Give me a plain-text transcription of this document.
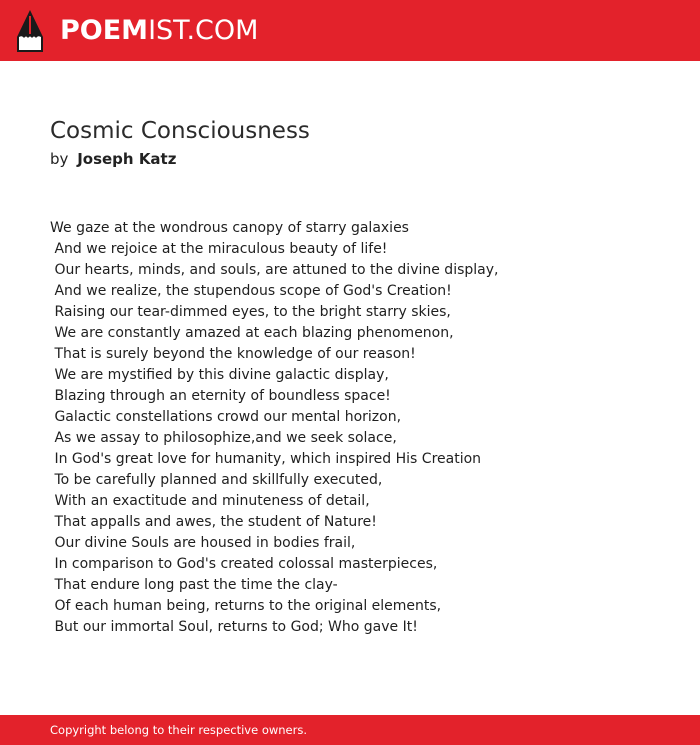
POEMIST.COM
Cosmic Consciousness
by Joseph Katz
We gaze at the wondrous canopy of starry galaxies
And we rejoice at the miraculous beauty of life!
Our hearts, minds, and souls, are attuned to the divine display,
And we realize, the stupendous scope of God's Creation!
Raising our tear-dimmed eyes, to the bright starry skies,
We are constantly amazed at each blazing phenomenon,
That is surely beyond the knowledge of our reason!
We are mystified by this divine galactic display,
Blazing through an eternity of boundless space!
Galactic constellations crowd our mental horizon,
As we assay to philosophize,and we seek solace,
In God's great love for humanity, which inspired His Creation
To be carefully planned and skillfully executed,
With an exactitude and minuteness of detail,
That appalls and awes, the student of Nature!
Our divine Souls are housed in bodies frail,
In comparison to God's created colossal masterpieces,
That endure long past the time the clay-
Of each human being, returns to the original elements,
But our immortal Soul, returns to God; Who gave It!
Copyright belong to their respective owners.
